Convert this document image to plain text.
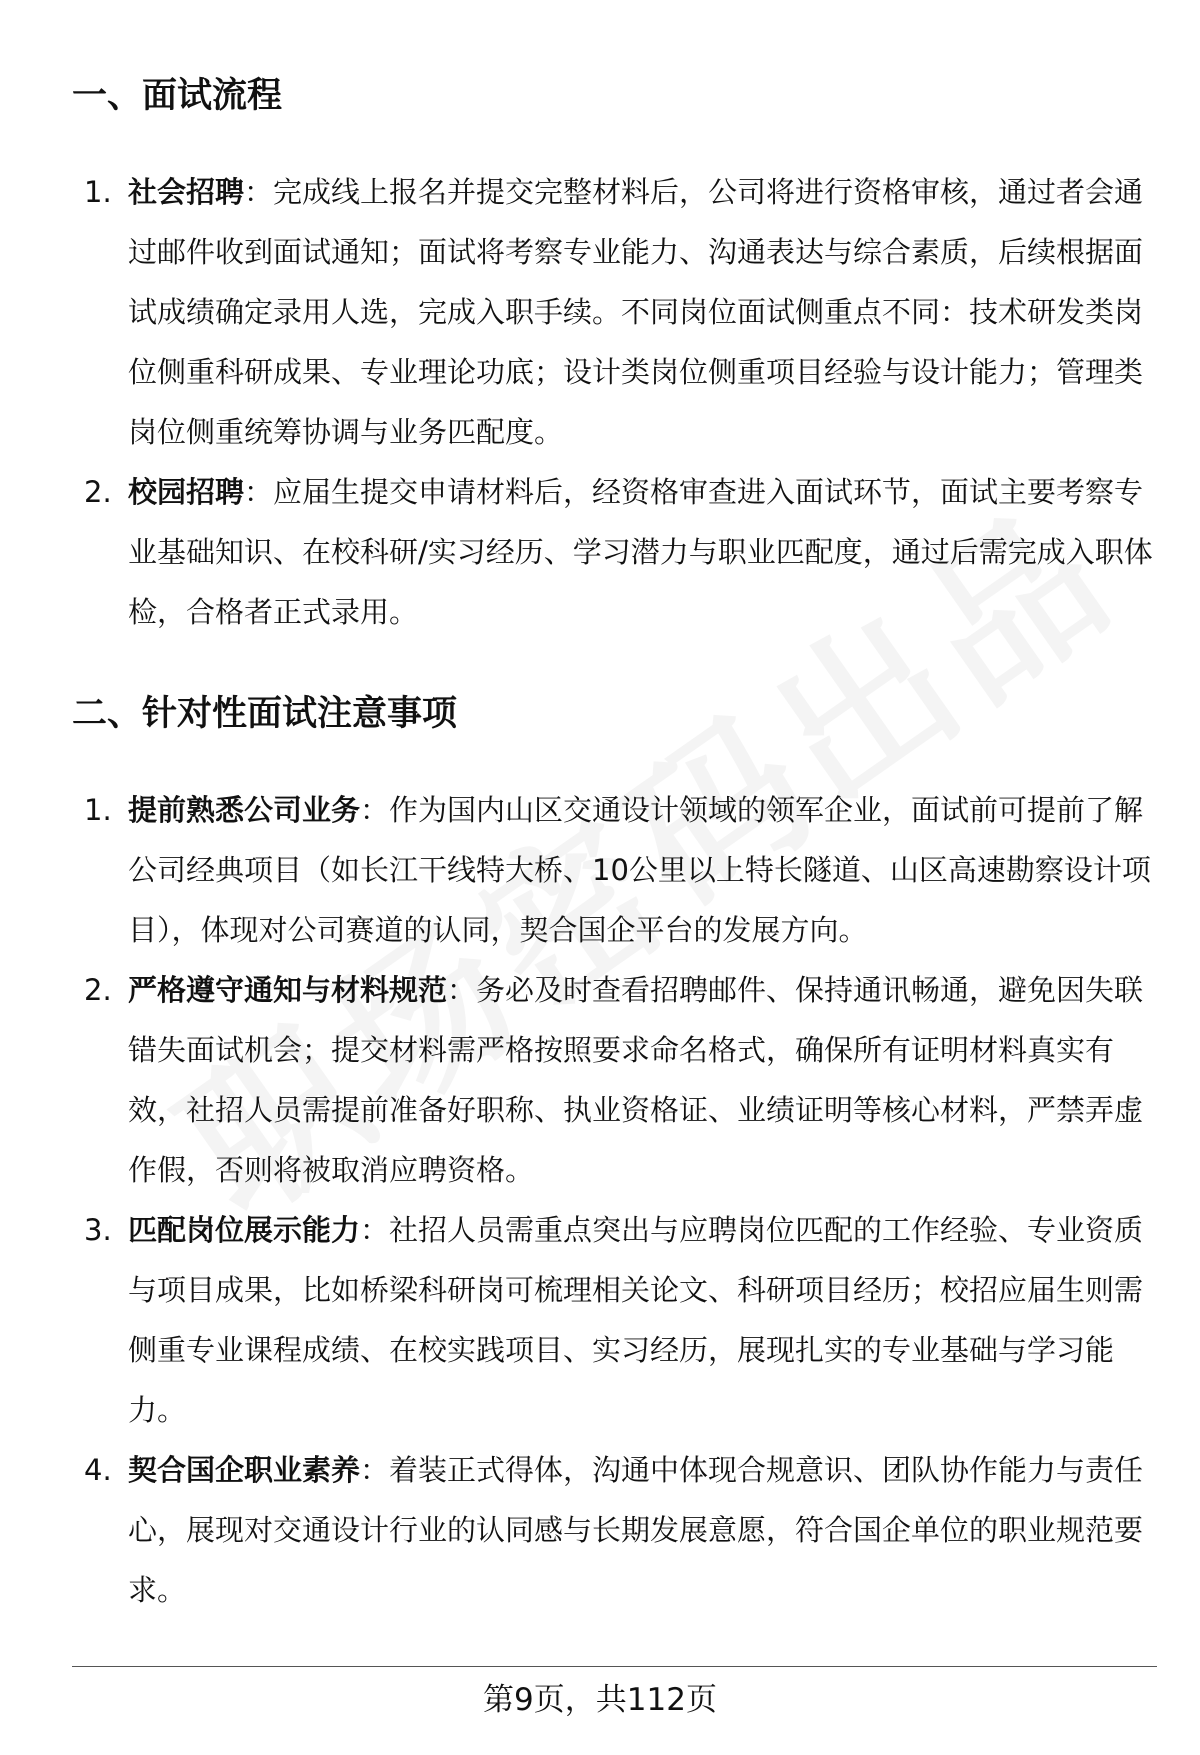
一、面试流程
1. 社会招聘：完成线上报名并提交完整材料后，公司将进行资格审核，通过者会通过邮件收到面试通知；面试将考察专业能力、沟通表达与综合素质，后续根据面试成绩确定录用人选，完成入职手续。不同岗位面试侧重点不同：技术研发类岗位侧重科研成果、专业理论功底；设计类岗位侧重项目经验与设计能力；管理类岗位侧重统筹协调与业务匹配度。

2. 校园招聘：应届生提交申请材料后，经资格审查进入面试环节，面试主要考察专业基础知识、在校科研/实习经历、学习潜力与职业匹配度，通过后需完成入职体检，合格者正式录用。

二、针对性面试注意事项
1. 提前熟悉公司业务：作为国内山区交通设计领域的领军企业，面试前可提前了解公司经典项目（如长江干线特大桥、10公里以上特长隧道、山区高速勘察设计项目），体现对公司赛道的认同，契合国企平台的发展方向。

2. 严格遵守通知与材料规范：务必及时查看招聘邮件、保持通讯畅通，避免因失联错失面试机会；提交材料需严格按照要求命名格式，确保所有证明材料真实有效，社招人员需提前准备好职称、执业资格证、业绩证明等核心材料，严禁弄虚作假，否则将被取消应聘资格。

3. 匹配岗位展示能力：社招人员需重点突出与应聘岗位匹配的工作经验、专业资质与项目成果，比如桥梁科研岗可梳理相关论文、科研项目经历；校招应届生则需侧重专业课程成绩、在校实践项目、实习经历，展现扎实的专业基础与学习能力。

4. 契合国企职业素养：着装正式得体，沟通中体现合规意识、团队协作能力与责任心，展现对交通设计行业的认同感与长期发展意愿，符合国企单位的职业规范要求。

第9页，共112页
